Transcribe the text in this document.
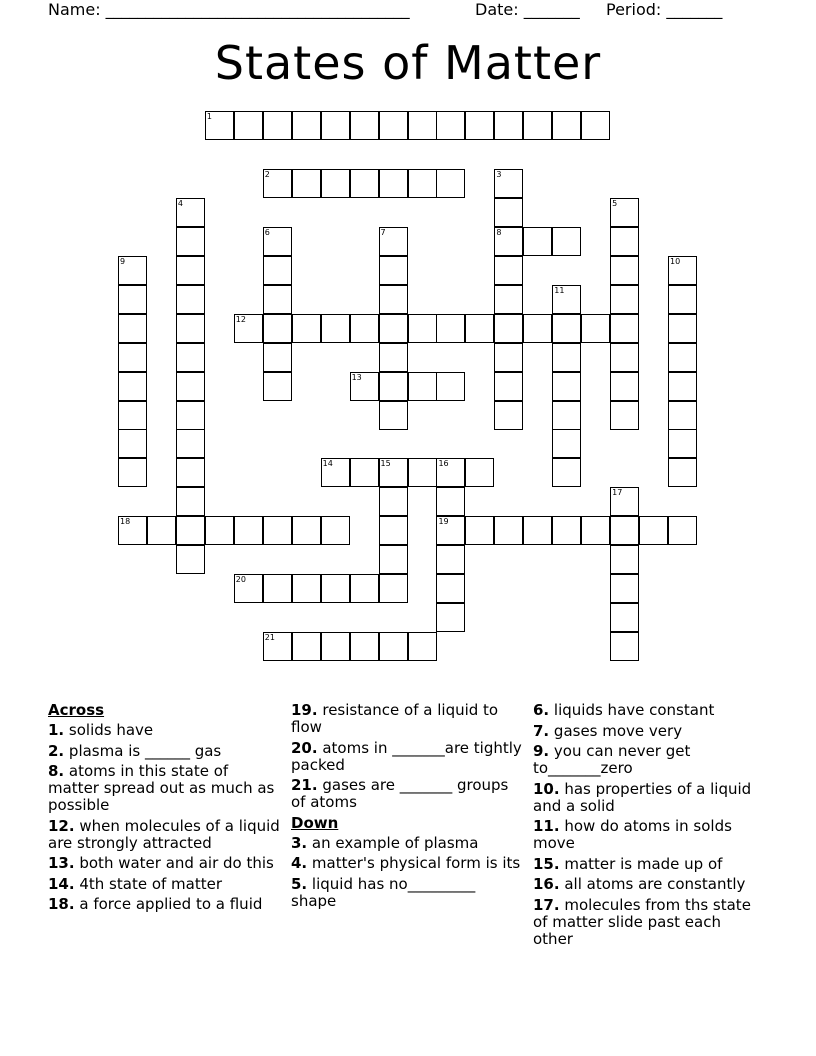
Name: ______________________________________	Date: _______ Period: _______
States of Matter
1
2	3
8
4	5
6	7
9	10
11
12
13
14	15	16
19
17
18
20
21
Across
1. solids have
2. plasma is ______ gas
8. atoms in this state of matter spread out as much as possible
12. when molecules of a liquid are strongly attracted
13. both water and air do this
14. 4th state of matter
18. a force applied to a fluid
19. resistance of a liquid to flow
20. atoms in _______are tightly packed
21. gases are _______ groups of atoms
Down
3. an example of plasma
4. matter's physical form is its
5. liquid has no_________ shape
6. liquids have constant
7. gases move very
9. you can never get to_______zero
10. has properties of a liquid and a solid
11. how do atoms in solds move
15. matter is made up of
16. all atoms are constantly
17. molecules from ths state of matter slide past each other
